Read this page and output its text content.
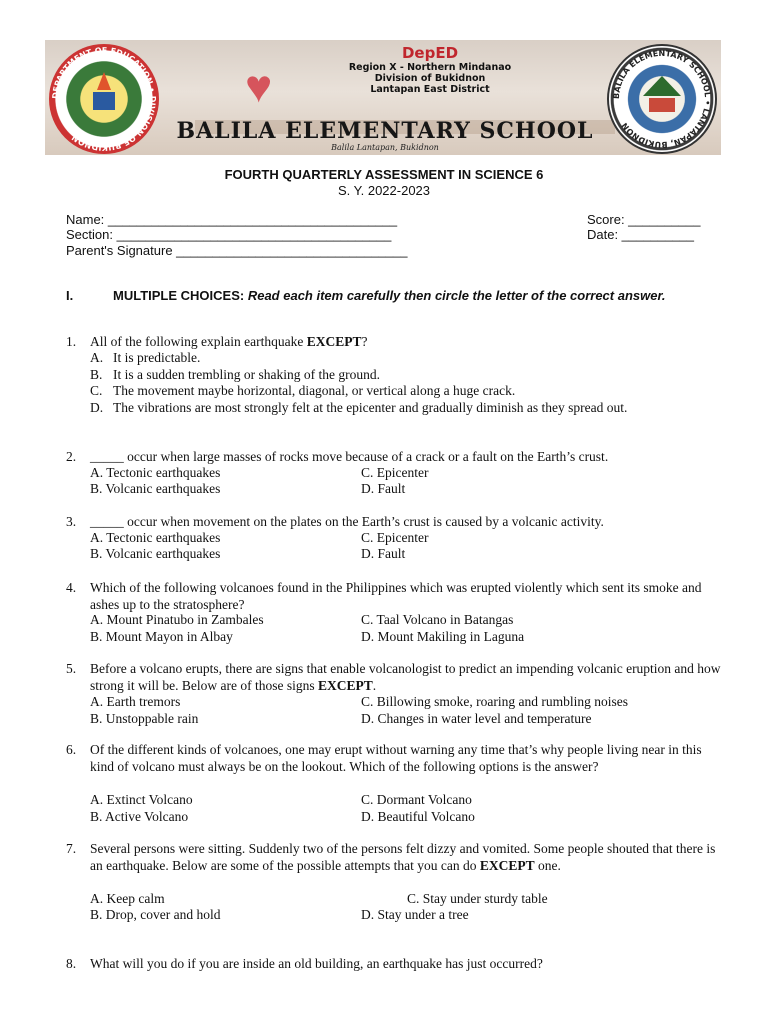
♥
DEPARTMENT OF EDUCATION • DIVISION OF BUKIDNON
DepED
Region X - Northern Mindanao
Division of Bukidnon
Lantapan East District
BALILA ELEMENTARY SCHOOL
Balila Lantapan, Bukidnon
BALILA ELEMENTARY SCHOOL • LANTAPAN, BUKIDNON
FOURTH QUARTERLY ASSESSMENT IN SCIENCE 6
S. Y. 2022-2023
Name: ________________________________________
Section: ______________________________________
Parent's Signature ________________________________
Score: __________
Date: __________
I.	MULTIPLE CHOICES: Read each item carefully then circle the letter of the correct answer.
1. All of the following explain earthquake EXCEPT?
A. It is predictable.
B. It is a sudden trembling or shaking of the ground.
C. The movement maybe horizontal, diagonal, or vertical along a huge crack.
D. The vibrations are most strongly felt at the epicenter and gradually diminish as they spread out.
2. _____ occur when large masses of rocks move because of a crack or a fault on the Earth’s crust.
A. Tectonic earthquakes
B. Volcanic earthquakes
C. Epicenter
D. Fault
3. _____ occur when movement on the plates on the Earth’s crust is caused by a volcanic activity.
A. Tectonic earthquakes
B. Volcanic earthquakes
C. Epicenter
D. Fault
4. Which of the following volcanoes found in the Philippines which was erupted violently which sent its smoke and ashes up to the stratosphere?
A. Mount Pinatubo in Zambales
B. Mount Mayon in Albay
C. Taal Volcano in Batangas
D. Mount Makiling in Laguna
5. Before a volcano erupts, there are signs that enable volcanologist to predict an impending volcanic eruption and how strong it will be. Below are of those signs EXCEPT.
A. Earth tremors
B. Unstoppable rain
C. Billowing smoke, roaring and rumbling noises
D. Changes in water level and temperature
6. Of the different kinds of volcanoes, one may erupt without warning any time that’s why people living near in this kind of volcano must always be on the lookout. Which of the following options is the answer?
A. Extinct Volcano
B. Active Volcano
C. Dormant Volcano
D. Beautiful Volcano
7. Several persons were sitting. Suddenly two of the persons felt dizzy and vomited. Some people shouted that there is an earthquake. Below are some of the possible attempts that you can do EXCEPT one.
A. Keep calm
B. Drop, cover and hold
C. Stay under sturdy table
D. Stay under a tree
8. What will you do if you are inside an old building, an earthquake has just occurred?
